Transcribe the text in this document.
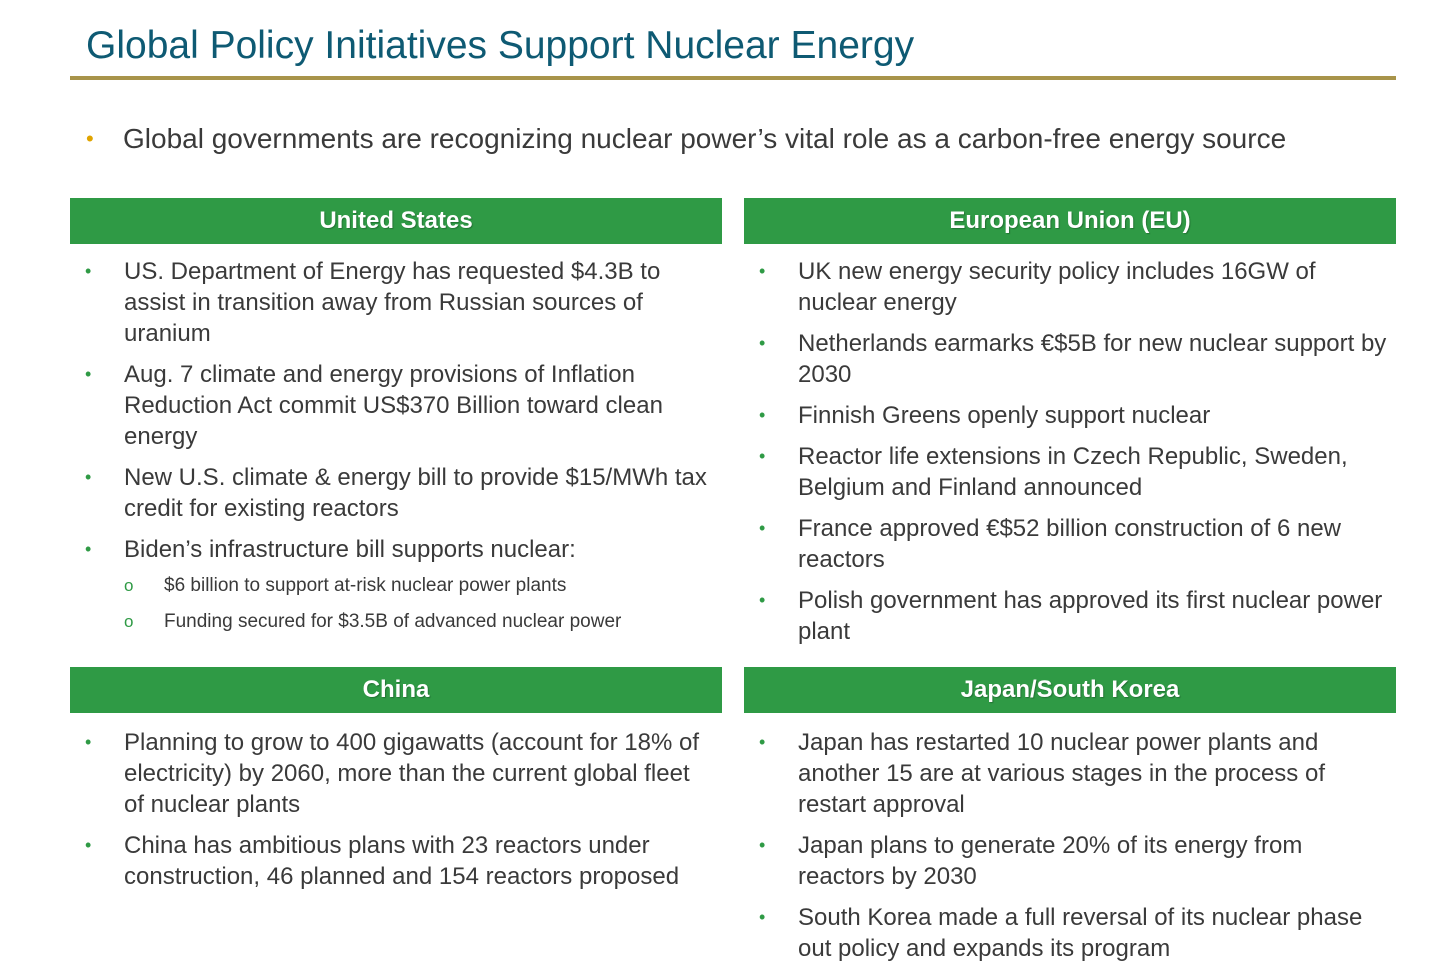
Global Policy Initiatives Support Nuclear Energy
• Global governments are recognizing nuclear power’s vital role as a carbon-free energy source
United States
• US. Department of Energy has requested $4.3B to assist in transition away from Russian sources of uranium
• Aug. 7 climate and energy provisions of Inflation Reduction Act commit US$370 Billion toward clean energy
• New U.S. climate & energy bill to provide $15/MWh tax credit for existing reactors
• Biden’s infrastructure bill supports nuclear:
o $6 billion to support at-risk nuclear power plants
o Funding secured for $3.5B of advanced nuclear power
European Union (EU)
• UK new energy security policy includes 16GW of nuclear energy
• Netherlands earmarks €$5B for new nuclear support by 2030
• Finnish Greens openly support nuclear
• Reactor life extensions in Czech Republic, Sweden, Belgium and Finland announced
• France approved €$52 billion construction of 6 new reactors
• Polish government has approved its first nuclear power plant
China
• Planning to grow to 400 gigawatts (account for 18% of electricity) by 2060, more than the current global fleet of nuclear plants
• China has ambitious plans with 23 reactors under construction, 46 planned and 154 reactors proposed
Japan/South Korea
• Japan has restarted 10 nuclear power plants and another 15 are at various stages in the process of restart approval
• Japan plans to generate 20% of its energy from reactors by 2030
• South Korea made a full reversal of its nuclear phase out policy and expands its program
